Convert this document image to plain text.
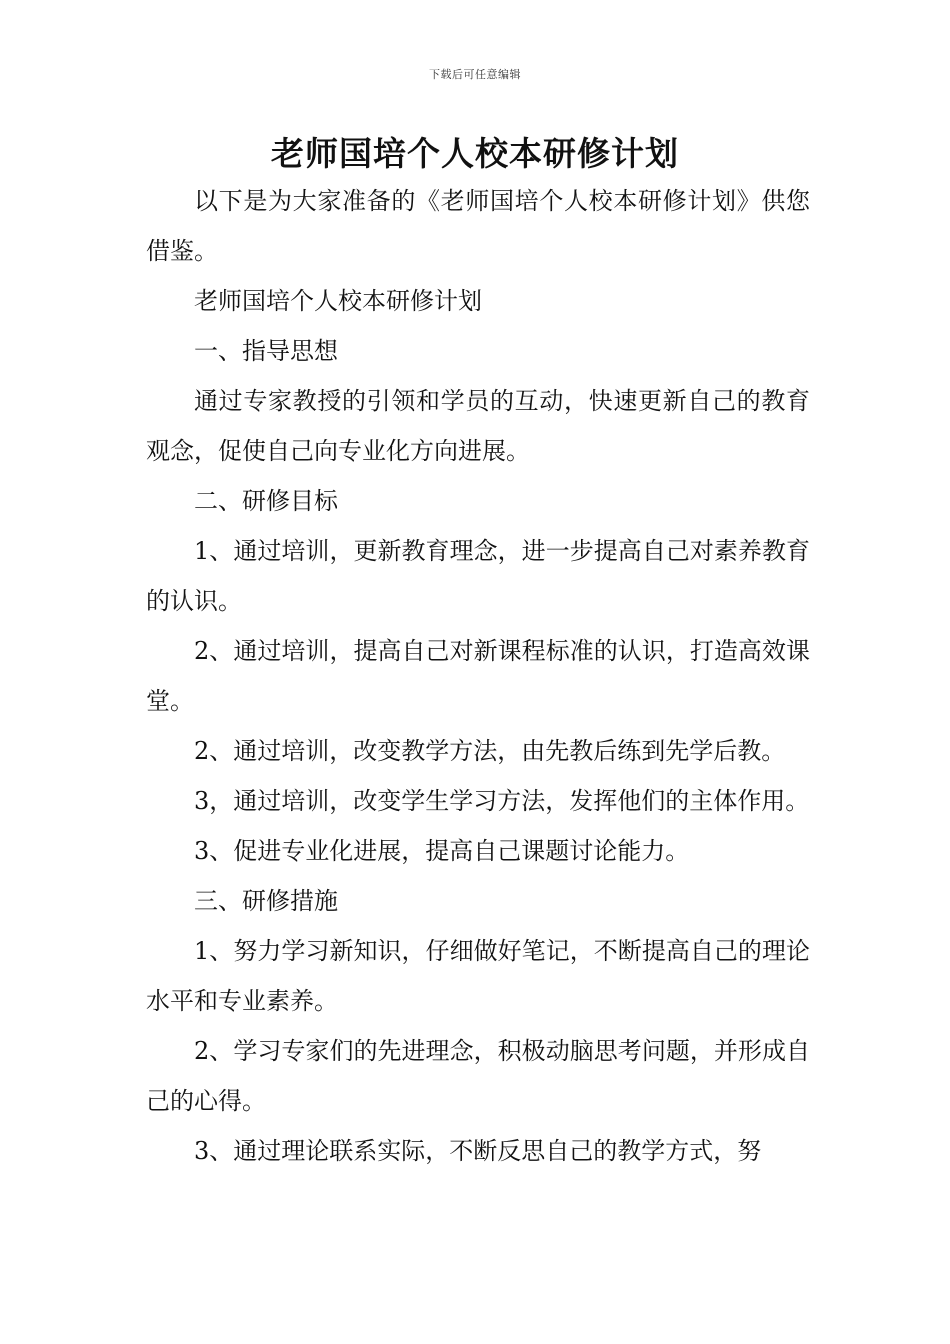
下载后可任意编辑
老师国培个人校本研修计划

以下是为大家准备的《老师国培个人校本研修计划》供您借鉴。

老师国培个人校本研修计划

一、指导思想

通过专家教授的引领和学员的互动，快速更新自己的教育观念，促使自己向专业化方向进展。

二、研修目标

1、通过培训，更新教育理念，进一步提高自己对素养教育的认识。

2、通过培训，提高自己对新课程标准的认识，打造高效课堂。

2、通过培训，改变教学方法，由先教后练到先学后教。

3，通过培训，改变学生学习方法，发挥他们的主体作用。

3、促进专业化进展，提高自己课题讨论能力。

三、研修措施

1、努力学习新知识，仔细做好笔记，不断提高自己的理论水平和专业素养。

2、学习专家们的先进理念，积极动脑思考问题，并形成自己的心得。

3、通过理论联系实际，不断反思自己的教学方式，努
